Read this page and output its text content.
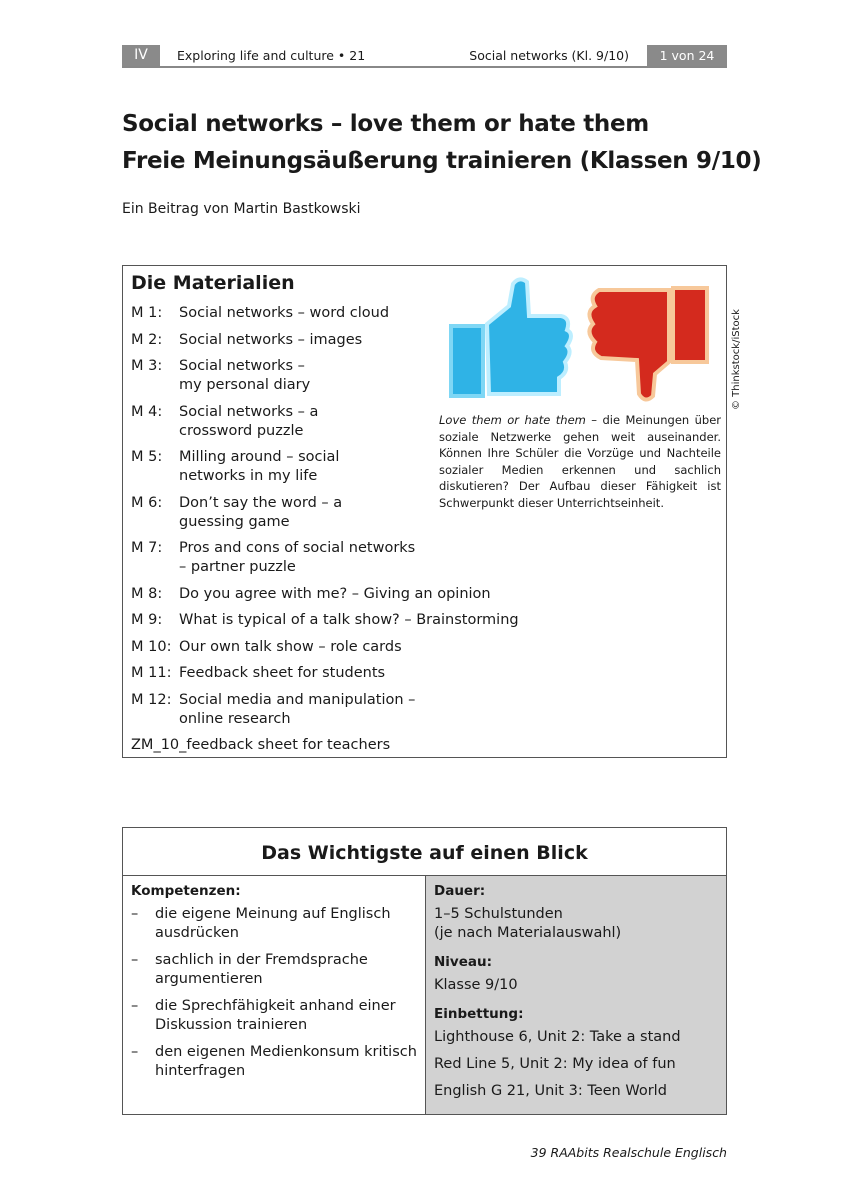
IV	Exploring life and culture • 21	Social networks (Kl. 9/10)	1 von 24
Social networks – love them or hate them
Freie Meinungsäußerung trainieren (Klassen 9/10)
Ein Beitrag von Martin Bastkowski
Die Materialien
M 1:	Social networks – word cloud
M 2:	Social networks – images
M 3:	Social networks – my personal diary
M 4:	Social networks – a crossword puzzle
M 5:	Milling around – social networks in my life
M 6:	Don’t say the word – a guessing game
M 7:	Pros and cons of social networks – partner puzzle
M 8:	Do you agree with me? – Giving an opinion
M 9:	What is typical of a talk show? – Brainstorming
M 10: Our own talk show – role cards
M 11: Feedback sheet for students
M 12: Social media and manipulation – online research
ZM_10_feedback sheet for teachers
Love them or hate them – die Meinungen über soziale Netzwerke gehen weit auseinander. Können Ihre Schüler die Vorzüge und Nachteile sozialer Medien erkennen und sachlich diskutieren? Der Aufbau dieser Fähigkeit ist Schwerpunkt dieser Unterrichtseinheit.
© Thinkstock/iStock
Das Wichtigste auf einen Blick
Kompetenzen:
–	die eigene Meinung auf Englisch ausdrücken
–	sachlich in der Fremdsprache argumentieren
–	die Sprechfähigkeit anhand einer Diskussion trainieren
–	den eigenen Medienkonsum kritisch hinterfragen
Dauer:
1–5 Schulstunden
(je nach Materialauswahl)
Niveau:
Klasse 9/10
Einbettung:
Lighthouse 6, Unit 2: Take a stand
Red Line 5, Unit 2: My idea of fun
English G 21, Unit 3: Teen World
39 RAAbits Realschule Englisch
